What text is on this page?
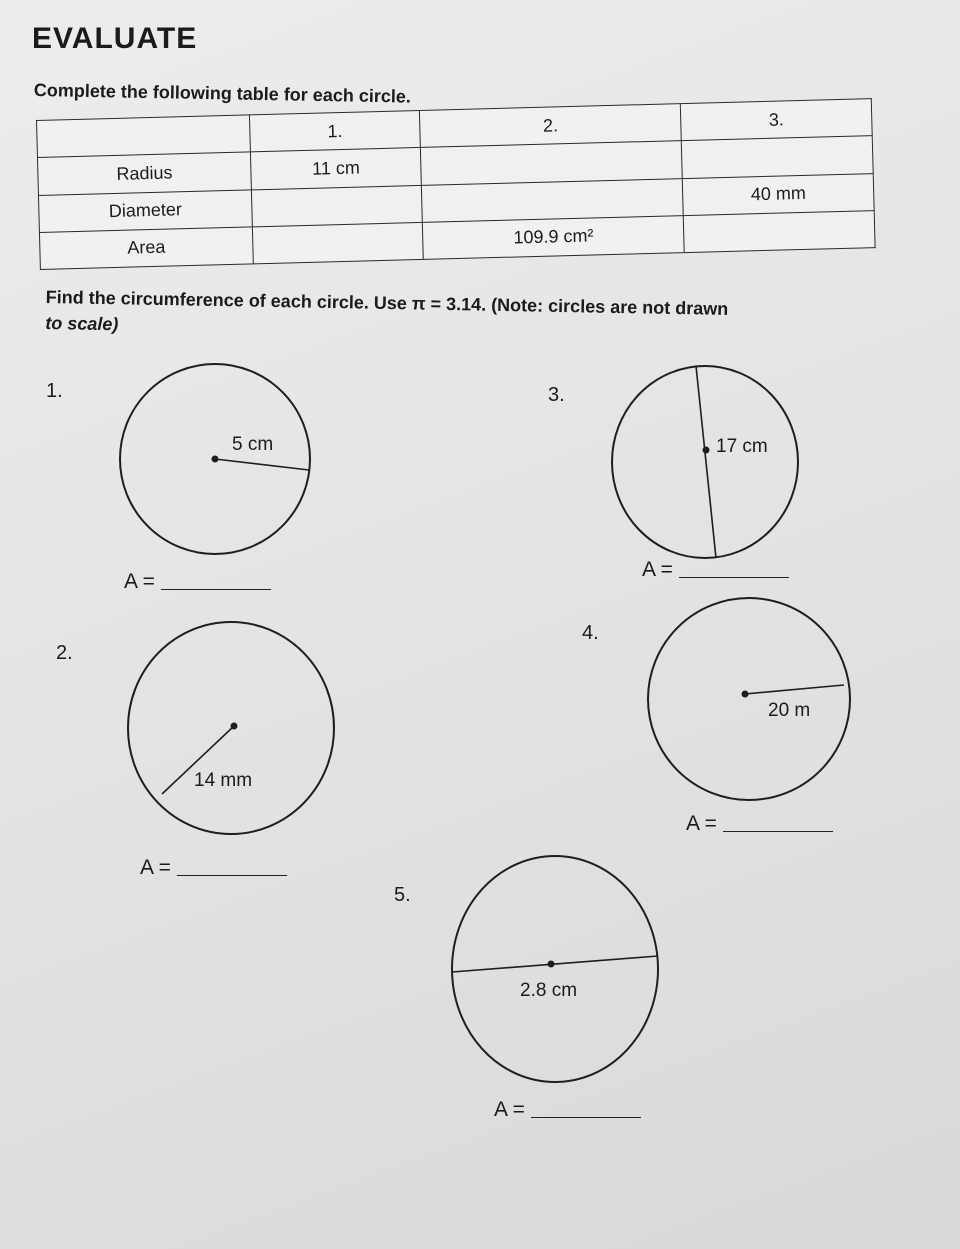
EVALUATE
Complete the following table for each circle.
	1.	2.	3.
Radius	11 cm		
Diameter			40 mm
Area		109.9 cm²	
Find the circumference of each circle. Use π = 3.14. (Note: circles are not drawn
to scale)
1.
5 cm
A =
2.
14 mm
A =
3.
17 cm
A =
4.
20 m
A =
5.
2.8 cm
A =
